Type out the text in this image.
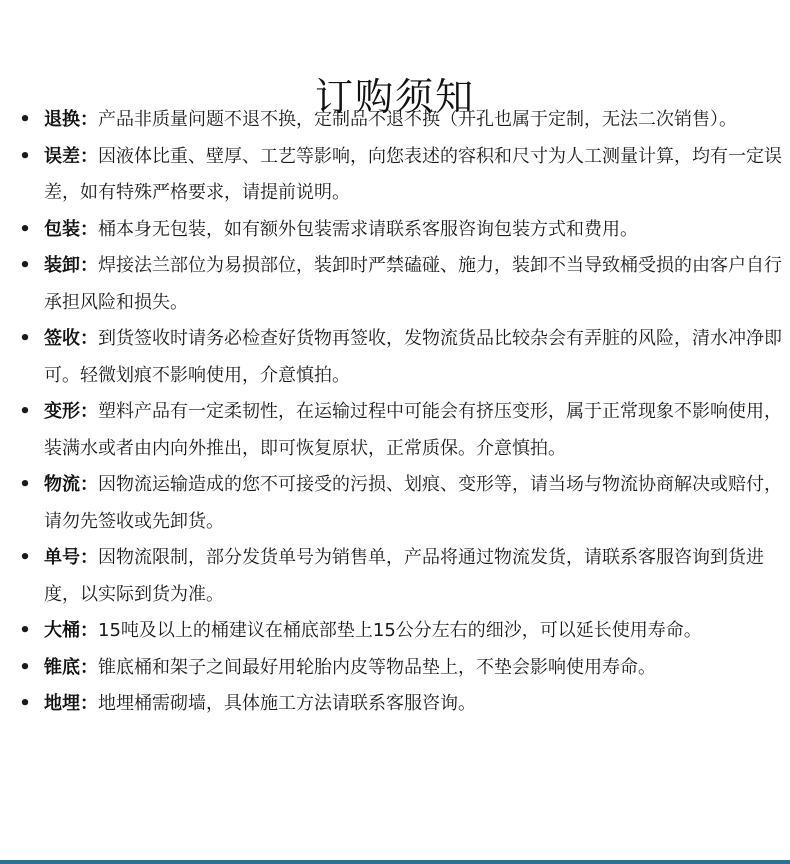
订购须知
• 退换：产品非质量问题不退不换，定制品不退不换（开孔也属于定制，无法二次销售）。
• 误差：因液体比重、壁厚、工艺等影响，向您表述的容积和尺寸为人工测量计算，均有一定误差，如有特殊严格要求，请提前说明。
• 包装：桶本身无包装，如有额外包装需求请联系客服咨询包装方式和费用。
• 装卸：焊接法兰部位为易损部位，装卸时严禁磕碰、施力，装卸不当导致桶受损的由客户自行承担风险和损失。
• 签收：到货签收时请务必检查好货物再签收，发物流货品比较杂会有弄脏的风险，清水冲净即可。轻微划痕不影响使用，介意慎拍。
• 变形：塑料产品有一定柔韧性，在运输过程中可能会有挤压变形，属于正常现象不影响使用，装满水或者由内向外推出，即可恢复原状，正常质保。介意慎拍。
• 物流：因物流运输造成的您不可接受的污损、划痕、变形等，请当场与物流协商解决或赔付，请勿先签收或先卸货。
• 单号：因物流限制，部分发货单号为销售单，产品将通过物流发货，请联系客服咨询到货进度，以实际到货为准。
• 大桶：15吨及以上的桶建议在桶底部垫上15公分左右的细沙，可以延长使用寿命。
• 锥底：锥底桶和架子之间最好用轮胎内皮等物品垫上，不垫会影响使用寿命。
• 地埋：地埋桶需砌墙，具体施工方法请联系客服咨询。
